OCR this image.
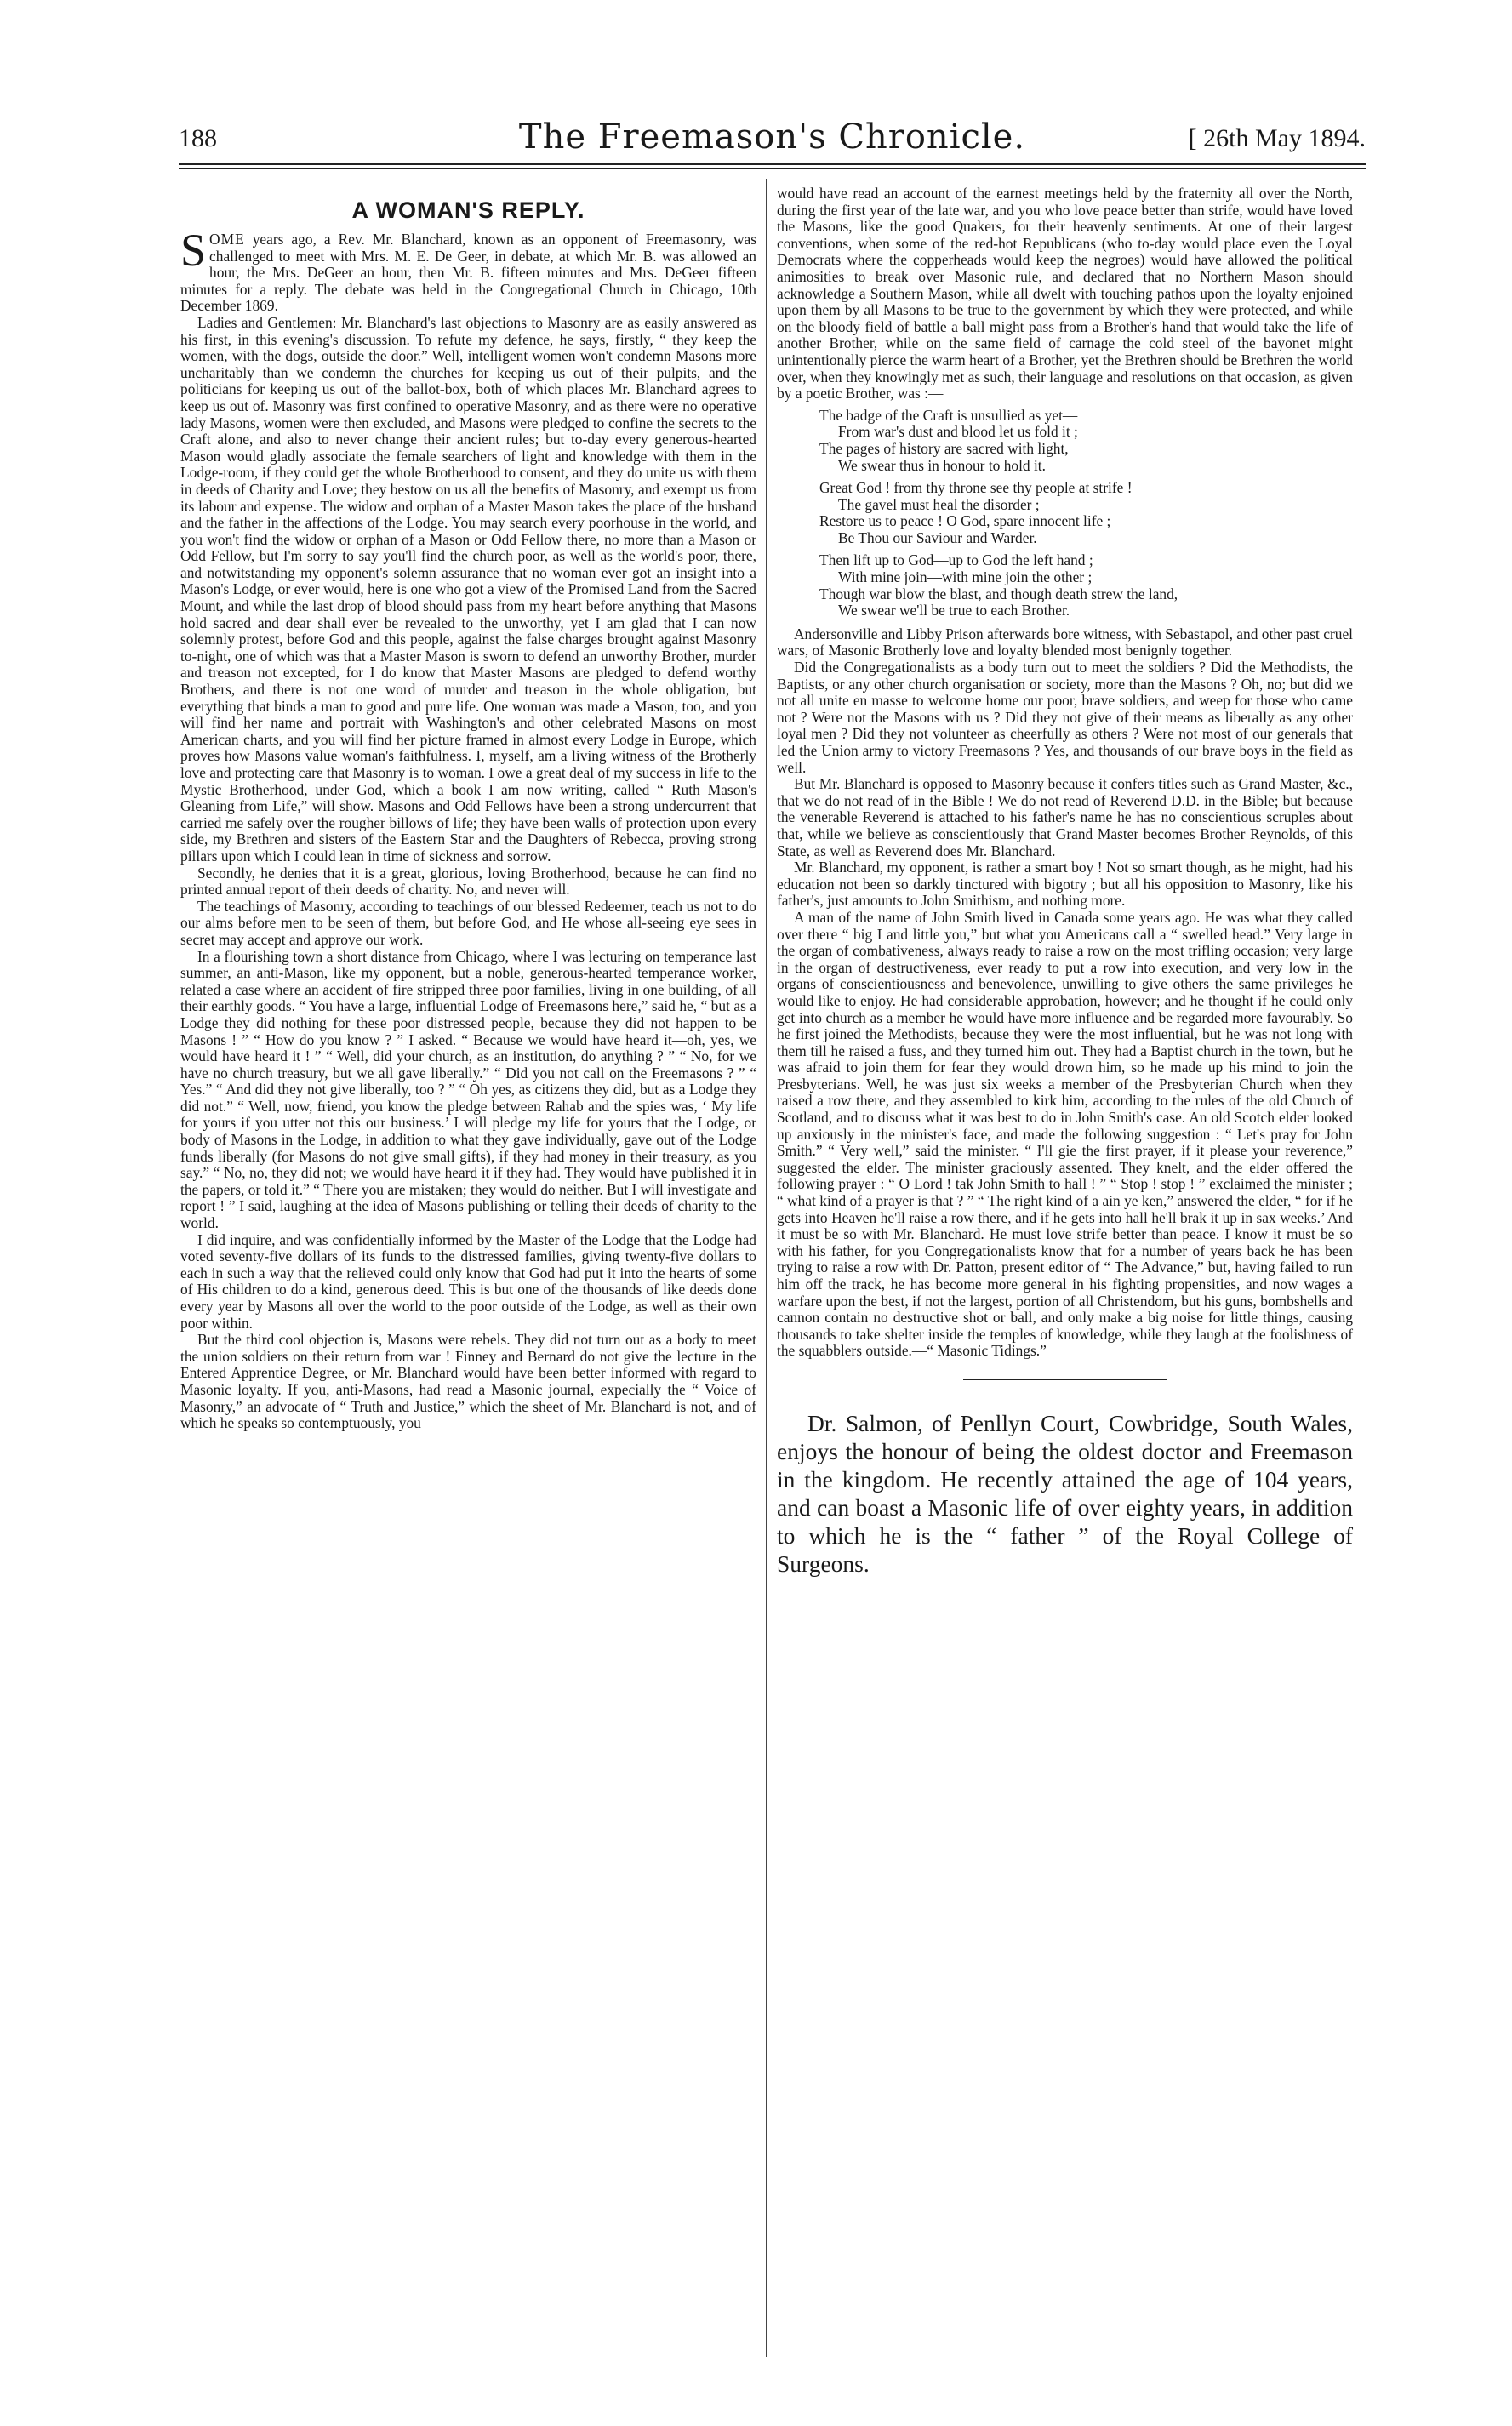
188	The Freemason's Chronicle.	[ 26th May 1894.
A WOMAN'S REPLY.

SOME years ago, a Rev. Mr. Blanchard, known as an opponent of Freemasonry, was challenged to meet with Mrs. M. E. De Geer, in debate, at which Mr. B. was allowed an hour, the Mrs. DeGeer an hour, then Mr. B. fifteen minutes and Mrs. DeGeer fifteen minutes for a reply. The debate was held in the Congregational Church in Chicago, 10th December 1869.

Ladies and Gentlemen: Mr. Blanchard's last objections to Masonry are as easily answered as his first, in this evening's discussion. To refute my defence, he says, firstly, “ they keep the women, with the dogs, outside the door.” Well, intelligent women won't condemn Masons more uncharitably than we condemn the churches for keeping us out of their pulpits, and the politicians for keeping us out of the ballot-box, both of which places Mr. Blanchard agrees to keep us out of. Masonry was first confined to operative Masonry, and as there were no operative lady Masons, women were then excluded, and Masons were pledged to confine the secrets to the Craft alone, and also to never change their ancient rules; but to-day every generous-hearted Mason would gladly associate the female searchers of light and knowledge with them in the Lodge-room, if they could get the whole Brotherhood to consent, and they do unite us with them in deeds of Charity and Love; they bestow on us all the benefits of Masonry, and exempt us from its labour and expense. The widow and orphan of a Master Mason takes the place of the husband and the father in the affections of the Lodge. You may search every poorhouse in the world, and you won't find the widow or orphan of a Mason or Odd Fellow there, no more than a Mason or Odd Fellow, but I'm sorry to say you'll find the church poor, as well as the world's poor, there, and notwitstanding my opponent's solemn assurance that no woman ever got an insight into a Mason's Lodge, or ever would, here is one who got a view of the Promised Land from the Sacred Mount, and while the last drop of blood should pass from my heart before anything that Masons hold sacred and dear shall ever be revealed to the unworthy, yet I am glad that I can now solemnly protest, before God and this people, against the false charges brought against Masonry to-night, one of which was that a Master Mason is sworn to defend an unworthy Brother, murder and treason not excepted, for I do know that Master Masons are pledged to defend worthy Brothers, and there is not one word of murder and treason in the whole obligation, but everything that binds a man to good and pure life. One woman was made a Mason, too, and you will find her name and portrait with Washington's and other celebrated Masons on most American charts, and you will find her picture framed in almost every Lodge in Europe, which proves how Masons value woman's faithfulness. I, myself, am a living witness of the Brotherly love and protecting care that Masonry is to woman. I owe a great deal of my success in life to the Mystic Brotherhood, under God, which a book I am now writing, called “ Ruth Mason's Gleaning from Life,” will show. Masons and Odd Fellows have been a strong undercurrent that carried me safely over the rougher billows of life; they have been walls of protection upon every side, my Brethren and sisters of the Eastern Star and the Daughters of Rebecca, proving strong pillars upon which I could lean in time of sickness and sorrow.

Secondly, he denies that it is a great, glorious, loving Brotherhood, because he can find no printed annual report of their deeds of charity. No, and never will.

The teachings of Masonry, according to teachings of our blessed Redeemer, teach us not to do our alms before men to be seen of them, but before God, and He whose all-seeing eye sees in secret may accept and approve our work.

In a flourishing town a short distance from Chicago, where I was lecturing on temperance last summer, an anti-Mason, like my opponent, but a noble, generous-hearted temperance worker, related a case where an accident of fire stripped three poor families, living in one building, of all their earthly goods. “ You have a large, influential Lodge of Freemasons here,” said he, “ but as a Lodge they did nothing for these poor distressed people, because they did not happen to be Masons ! ” “ How do you know ? ” I asked. “ Because we would have heard it—oh, yes, we would have heard it ! ” “ Well, did your church, as an institution, do anything ? ” “ No, for we have no church treasury, but we all gave liberally.” “ Did you not call on the Freemasons ? ” “ Yes.” “ And did they not give liberally, too ? ” “ Oh yes, as citizens they did, but as a Lodge they did not.” “ Well, now, friend, you know the pledge between Rahab and the spies was, ‘ My life for yours if you utter not this our business.’ I will pledge my life for yours that the Lodge, or body of Masons in the Lodge, in addition to what they gave individually, gave out of the Lodge funds liberally (for Masons do not give small gifts), if they had money in their treasury, as you say.” “ No, no, they did not; we would have heard it if they had. They would have published it in the papers, or told it.” “ There you are mistaken; they would do neither. But I will investigate and report ! ” I said, laughing at the idea of Masons publishing or telling their deeds of charity to the world.

I did inquire, and was confidentially informed by the Master of the Lodge that the Lodge had voted seventy-five dollars of its funds to the distressed families, giving twenty-five dollars to each in such a way that the relieved could only know that God had put it into the hearts of some of His children to do a kind, generous deed. This is but one of the thousands of like deeds done every year by Masons all over the world to the poor outside of the Lodge, as well as their own poor within.

But the third cool objection is, Masons were rebels. They did not turn out as a body to meet the union soldiers on their return from war ! Finney and Bernard do not give the lecture in the Entered Apprentice Degree, or Mr. Blanchard would have been better informed with regard to Masonic loyalty. If you, anti-Masons, had read a Masonic journal, expecially the “ Voice of Masonry,” an advocate of “ Truth and Justice,” which the sheet of Mr. Blanchard is not, and of which he speaks so contemptuously, you

would have read an account of the earnest meetings held by the fraternity all over the North, during the first year of the late war, and you who love peace better than strife, would have loved the Masons, like the good Quakers, for their heavenly sentiments. At one of their largest conventions, when some of the red-hot Republicans (who to-day would place even the Loyal Democrats where the copperheads would keep the negroes) would have allowed the political animosities to break over Masonic rule, and declared that no Northern Mason should acknowledge a Southern Mason, while all dwelt with touching pathos upon the loyalty enjoined upon them by all Masons to be true to the government by which they were protected, and while on the bloody field of battle a ball might pass from a Brother's hand that would take the life of another Brother, while on the same field of carnage the cold steel of the bayonet might unintentionally pierce the warm heart of a Brother, yet the Brethren should be Brethren the world over, when they knowingly met as such, their language and resolutions on that occasion, as given by a poetic Brother, was :—

The badge of the Craft is unsullied as yet—
From war's dust and blood let us fold it ;
The pages of history are sacred with light,
We swear thus in honour to hold it.
Great God ! from thy throne see thy people at strife !
The gavel must heal the disorder ;
Restore us to peace ! O God, spare innocent life ;
Be Thou our Saviour and Warder.
Then lift up to God—up to God the left hand ;
With mine join—with mine join the other ;
Though war blow the blast, and though death strew the land,
We swear we'll be true to each Brother.

Andersonville and Libby Prison afterwards bore witness, with Sebastapol, and other past cruel wars, of Masonic Brotherly love and loyalty blended most benignly together.

Did the Congregationalists as a body turn out to meet the soldiers ? Did the Methodists, the Baptists, or any other church organisation or society, more than the Masons ? Oh, no; but did we not all unite en masse to welcome home our poor, brave soldiers, and weep for those who came not ? Were not the Masons with us ? Did they not give of their means as liberally as any other loyal men ? Did they not volunteer as cheerfully as others ? Were not most of our generals that led the Union army to victory Freemasons ? Yes, and thousands of our brave boys in the field as well.

But Mr. Blanchard is opposed to Masonry because it confers titles such as Grand Master, &c., that we do not read of in the Bible ! We do not read of Reverend D.D. in the Bible; but because the venerable Reverend is attached to his father's name he has no conscientious scruples about that, while we believe as conscientiously that Grand Master becomes Brother Reynolds, of this State, as well as Reverend does Mr. Blanchard.

Mr. Blanchard, my opponent, is rather a smart boy ! Not so smart though, as he might, had his education not been so darkly tinctured with bigotry ; but all his opposition to Masonry, like his father's, just amounts to John Smithism, and nothing more.

A man of the name of John Smith lived in Canada some years ago. He was what they called over there “ big I and little you,” but what you Americans call a “ swelled head.” Very large in the organ of combativeness, always ready to raise a row on the most trifling occasion; very large in the organ of destructiveness, ever ready to put a row into execution, and very low in the organs of conscientiousness and benevolence, unwilling to give others the same privileges he would like to enjoy. He had considerable approbation, however; and he thought if he could only get into church as a member he would have more influence and be regarded more favourably. So he first joined the Methodists, because they were the most influential, but he was not long with them till he raised a fuss, and they turned him out. They had a Baptist church in the town, but he was afraid to join them for fear they would drown him, so he made up his mind to join the Presbyterians. Well, he was just six weeks a member of the Presbyterian Church when they raised a row there, and they assembled to kirk him, according to the rules of the old Church of Scotland, and to discuss what it was best to do in John Smith's case. An old Scotch elder looked up anxiously in the minister's face, and made the following suggestion : “ Let's pray for John Smith.” “ Very well,” said the minister. “ I'll gie the first prayer, if it please your reverence,” suggested the elder. The minister graciously assented. They knelt, and the elder offered the following prayer : “ O Lord ! tak John Smith to hall ! ” “ Stop ! stop ! ” exclaimed the minister ; “ what kind of a prayer is that ? ” “ The right kind of a ain ye ken,” answered the elder, “ for if he gets into Heaven he'll raise a row there, and if he gets into hall he'll brak it up in sax weeks.’ And it must be so with Mr. Blanchard. He must love strife better than peace. I know it must be so with his father, for you Congregationalists know that for a number of years back he has been trying to raise a row with Dr. Patton, present editor of “ The Advance,” but, having failed to run him off the track, he has become more general in his fighting propensities, and now wages a warfare upon the best, if not the largest, portion of all Christendom, but his guns, bombshells and cannon contain no destructive shot or ball, and only make a big noise for little things, causing thousands to take shelter inside the temples of knowledge, while they laugh at the foolishness of the squabblers outside.—“ Masonic Tidings.”

Dr. Salmon, of Penllyn Court, Cowbridge, South Wales, enjoys the honour of being the oldest doctor and Freemason in the kingdom. He recently attained the age of 104 years, and can boast a Masonic life of over eighty years, in addition to which he is the “ father ” of the Royal College of Surgeons.
